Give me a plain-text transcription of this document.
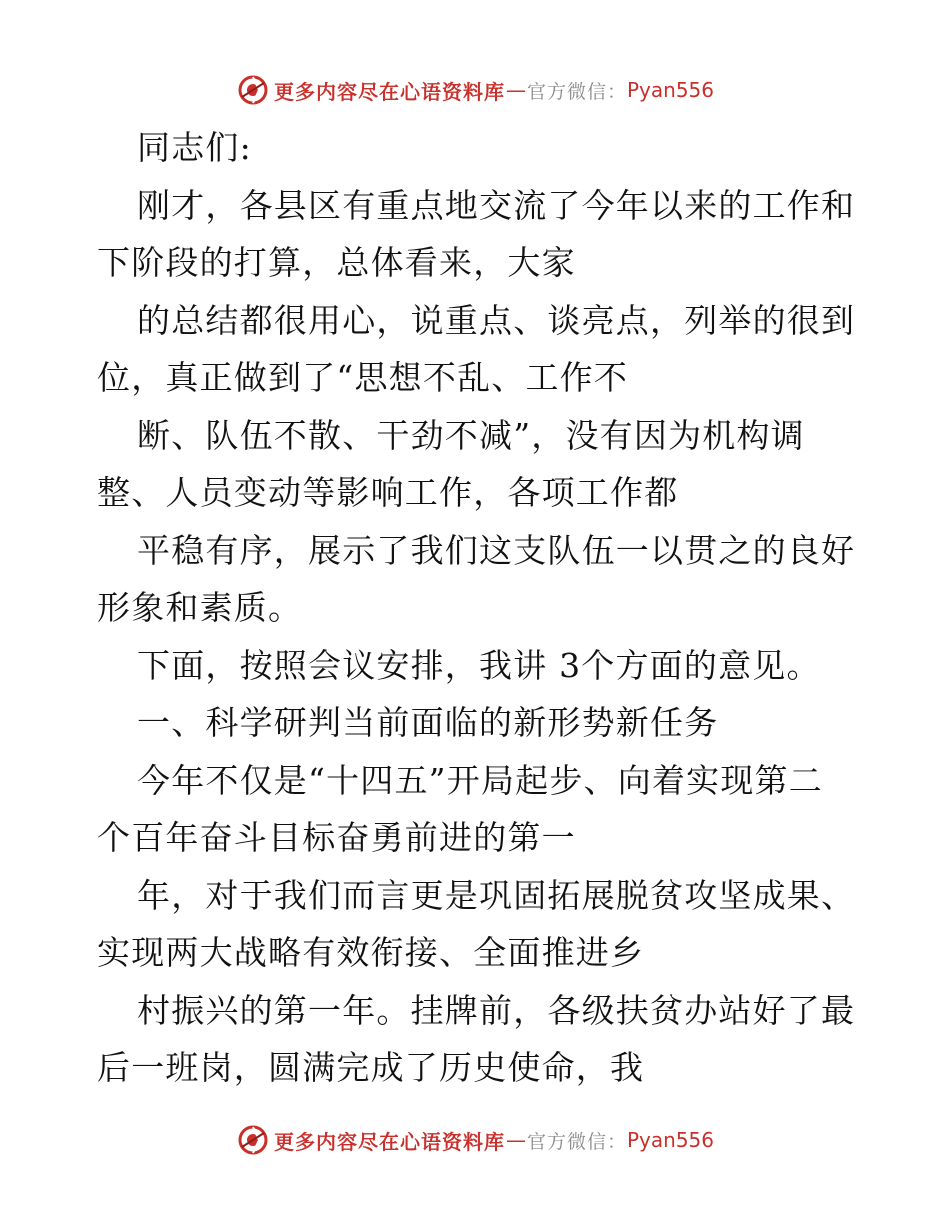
更多内容尽在心语资料库 — 官方微信： Pyan556
同志们:
刚才，各县区有重点地交流了今年以来的工作和
下阶段的打算，总体看来，大家
的总结都很用心，说重点、谈亮点，列举的很到
位，真正做到了“思想不乱、工作不
断、队伍不散、干劲不减”，没有因为机构调
整、人员变动等影响工作，各项工作都
平稳有序，展示了我们这支队伍一以贯之的良好
形象和素质。
下面，按照会议安排，我讲 3个方面的意见。
一、科学研判当前面临的新形势新任务
今年不仅是“十四五”开局起步、向着实现第二
个百年奋斗目标奋勇前进的第一
年，对于我们而言更是巩固拓展脱贫攻坚成果、
实现两大战略有效衔接、全面推进乡
村振兴的第一年。挂牌前，各级扶贫办站好了最
后一班岗，圆满完成了历史使命，我
更多内容尽在心语资料库 — 官方微信： Pyan556
